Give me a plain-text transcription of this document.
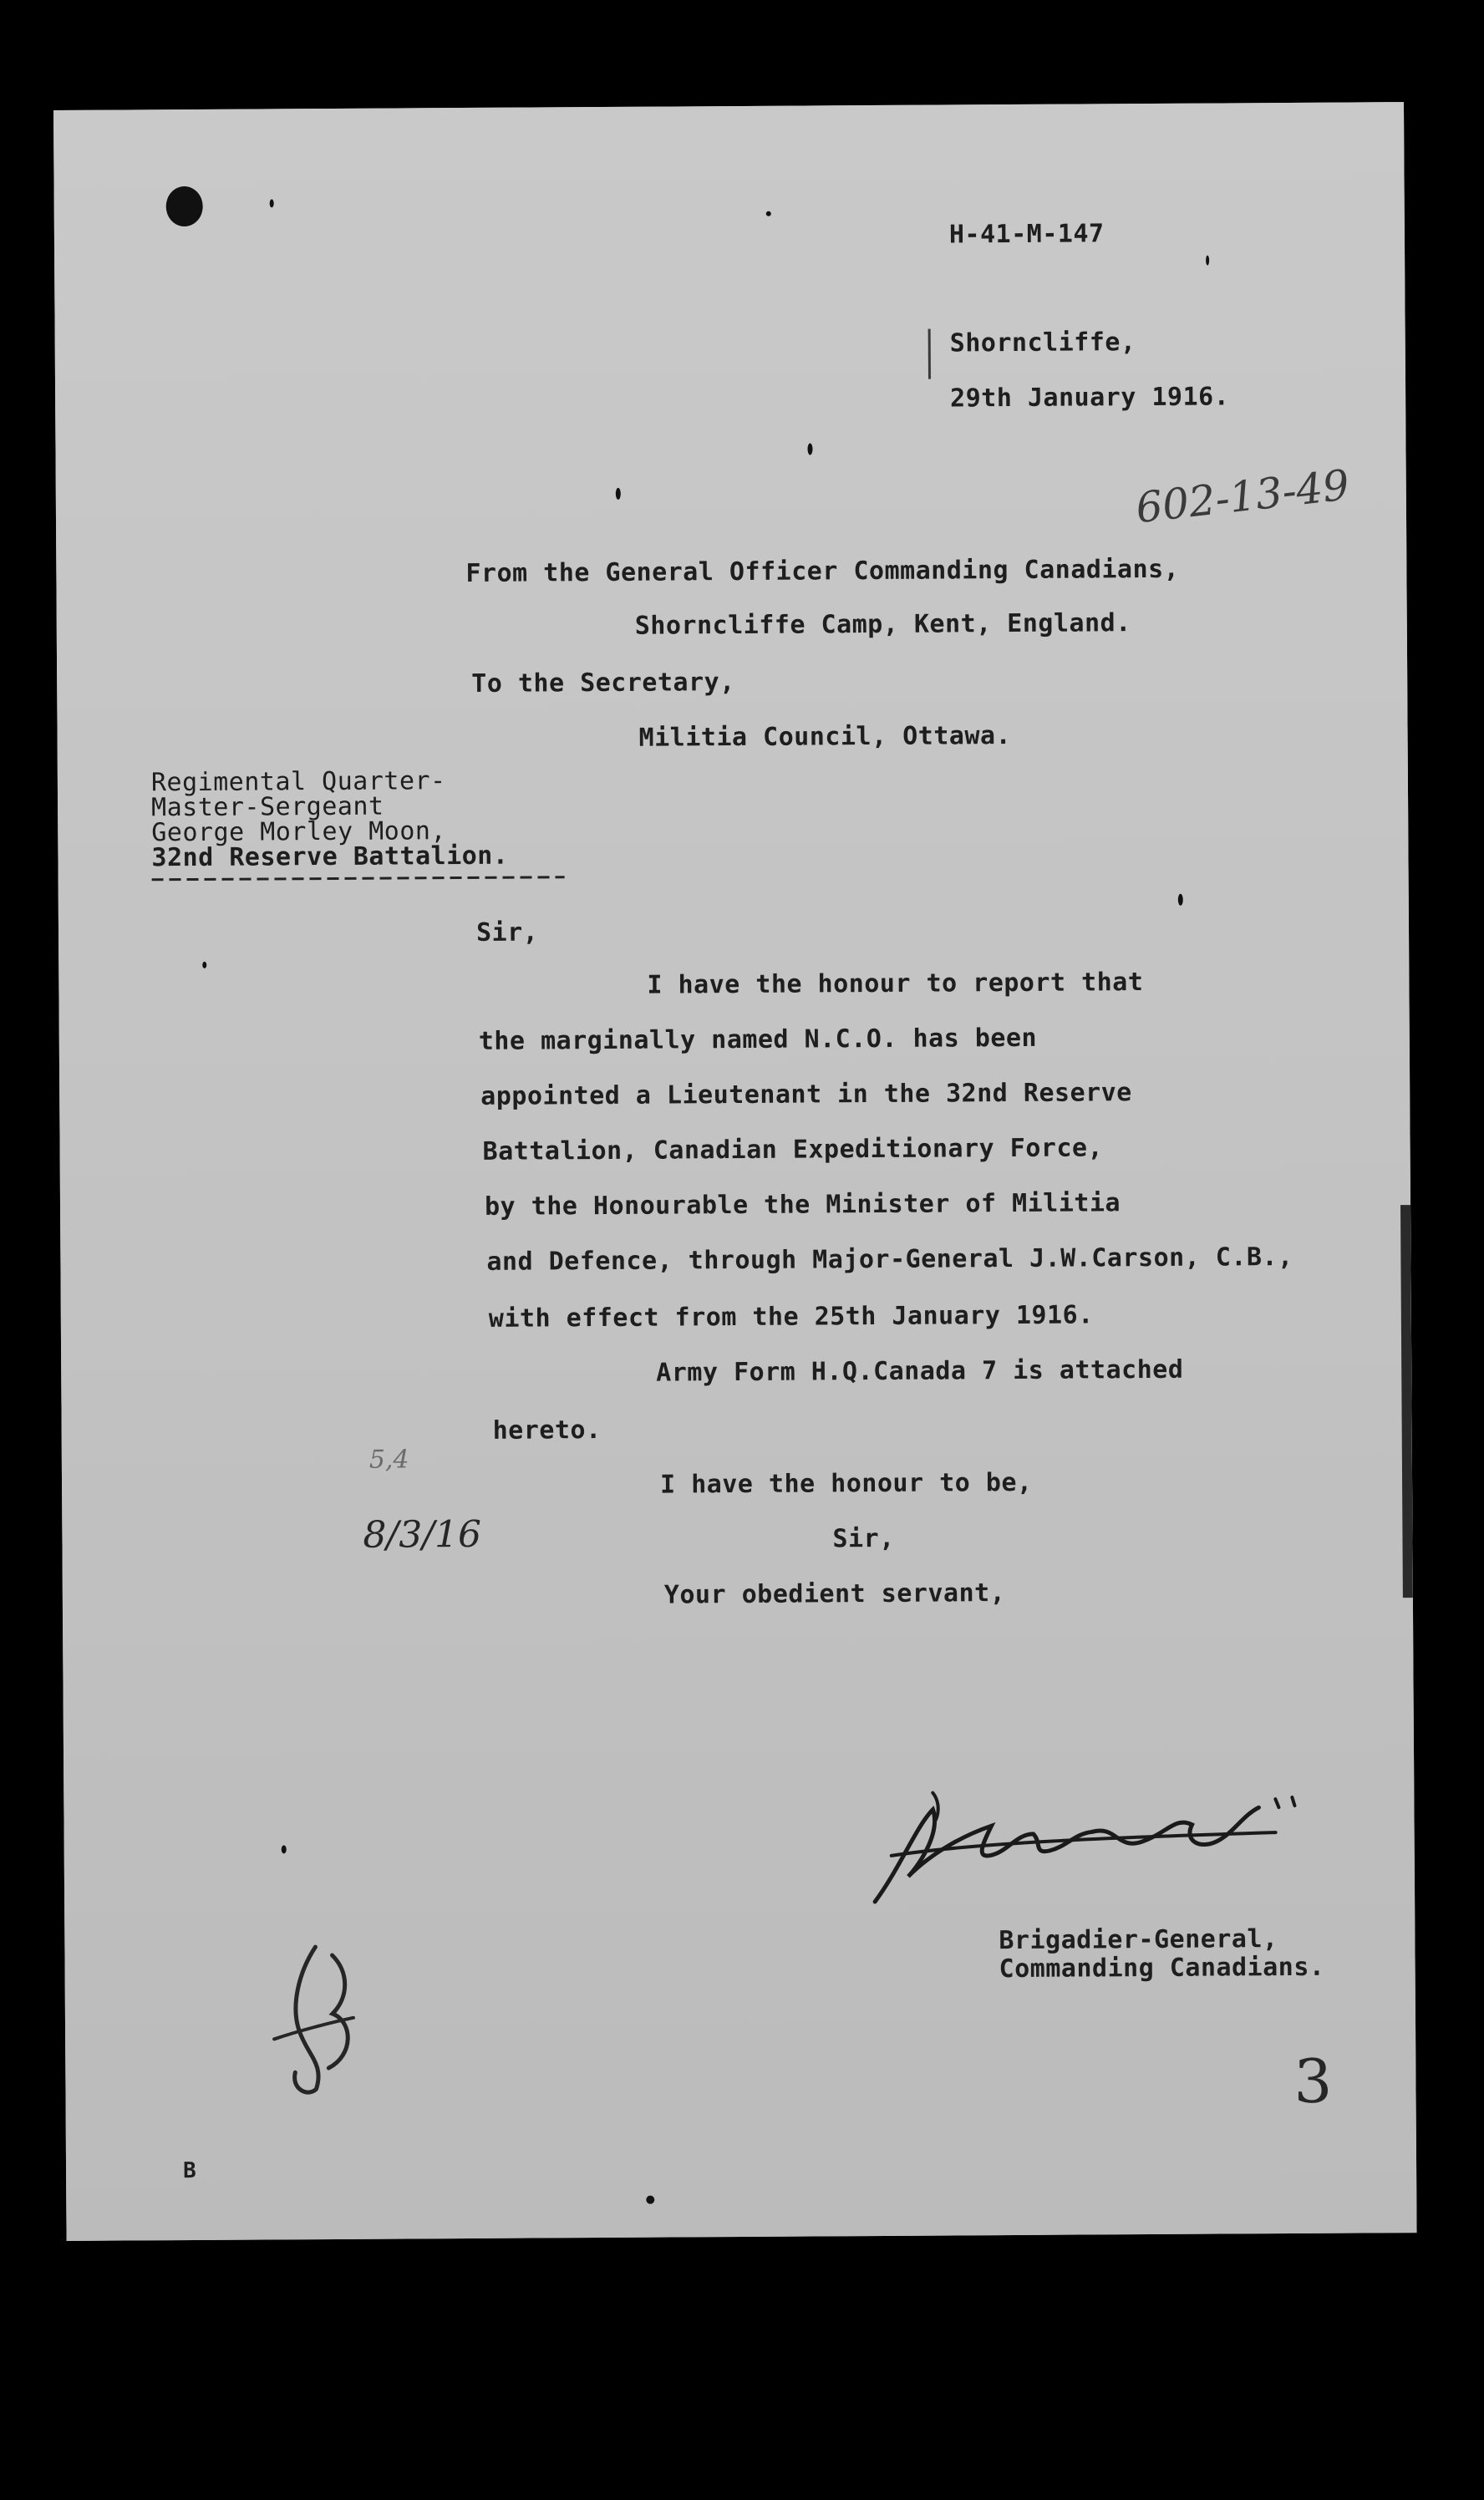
H-41-M-147
Shorncliffe,
29th January 1916.
602-13-49
From the General Officer Commanding Canadians,
Shorncliffe Camp, Kent, England.
To the Secretary,
Militia Council, Ottawa.
Regimental Quarter-
Master-Sergeant
George Morley Moon,
32nd Reserve Battalion.
Sir,
I have the honour to report that
the marginally named N.C.O. has been
appointed a Lieutenant in the 32nd Reserve
Battalion, Canadian Expeditionary Force,
by the Honourable the Minister of Militia
and Defence, through Major-General J.W.Carson, C.B.,
with effect from the 25th January 1916.
Army Form H.Q.Canada 7 is attached
hereto.
I have the honour to be,
Sir,
Your obedient servant,
5,4
8/3/16
Brigadier-General,
Commanding Canadians.
3
B
